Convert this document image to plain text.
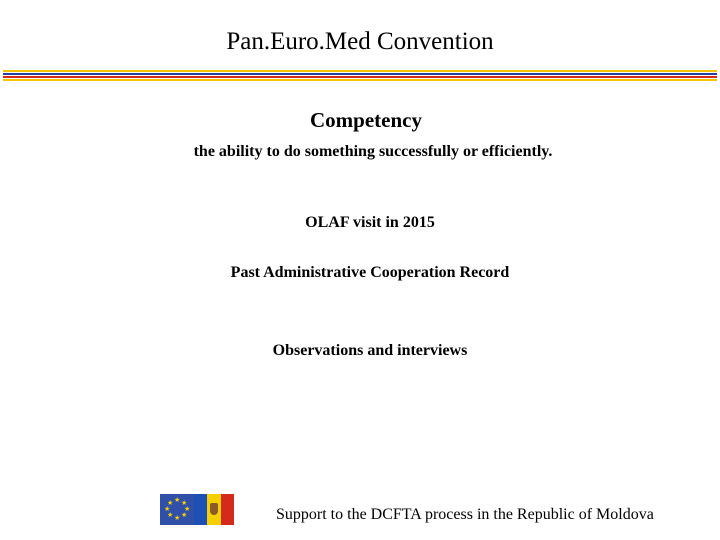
Pan.Euro.Med Convention
Competency
the ability to do something successfully or efficiently.
OLAF visit in 2015
Past Administrative Cooperation Record
Observations and interviews
★ ★
★
★
★
★
★
★
Support to the DCFTA process in the Republic of Moldova
